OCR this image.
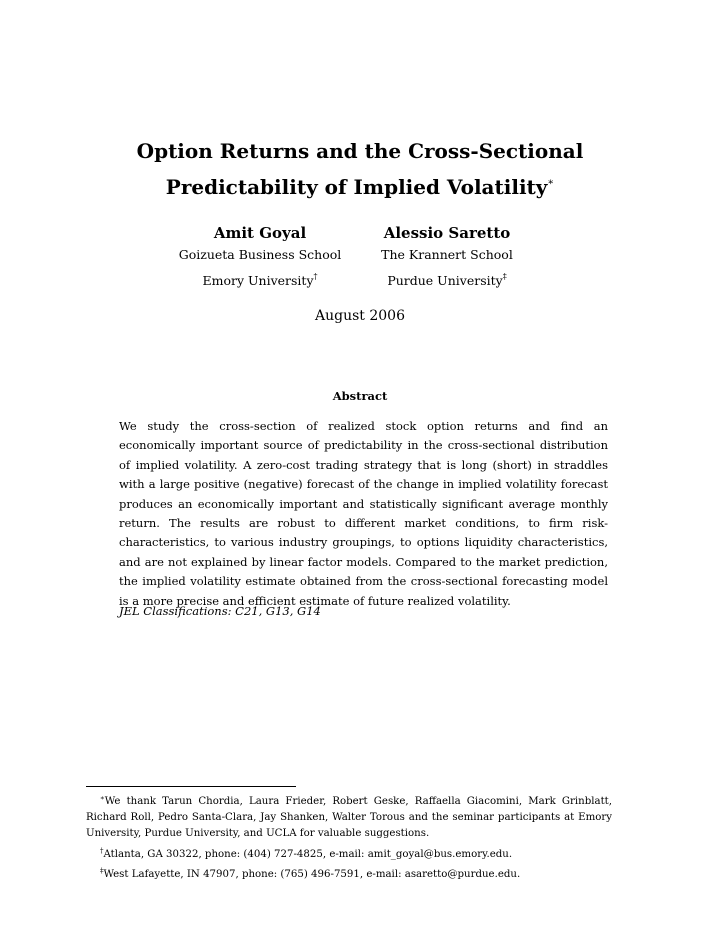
Option Returns and the Cross-Sectional
Predictability of Implied Volatility∗
Amit Goyal
Goizueta Business School
Emory University†
Alessio Saretto
The Krannert School
Purdue University‡
August 2006
Abstract
We study the cross-section of realized stock option returns and find an economically important source of predictability in the cross-sectional distribution of implied volatility. A zero-cost trading strategy that is long (short) in straddles with a large positive (negative) forecast of the change in implied volatility forecast produces an economically important and statistically significant average monthly return. The results are robust to different market conditions, to firm risk-characteristics, to various industry groupings, to options liquidity characteristics, and are not explained by linear factor models. Compared to the market prediction, the implied volatility estimate obtained from the cross-sectional forecasting model is a more precise and efficient estimate of future realized volatility.
JEL Classifications: C21, G13, G14

∗We thank Tarun Chordia, Laura Frieder, Robert Geske, Raffaella Giacomini, Mark Grinblatt, Richard Roll, Pedro Santa-Clara, Jay Shanken, Walter Torous and the seminar participants at Emory University, Purdue University, and UCLA for valuable suggestions.

†Atlanta, GA 30322, phone: (404) 727-4825, e-mail: amit_goyal@bus.emory.edu.

‡West Lafayette, IN 47907, phone: (765) 496-7591, e-mail: asaretto@purdue.edu.
